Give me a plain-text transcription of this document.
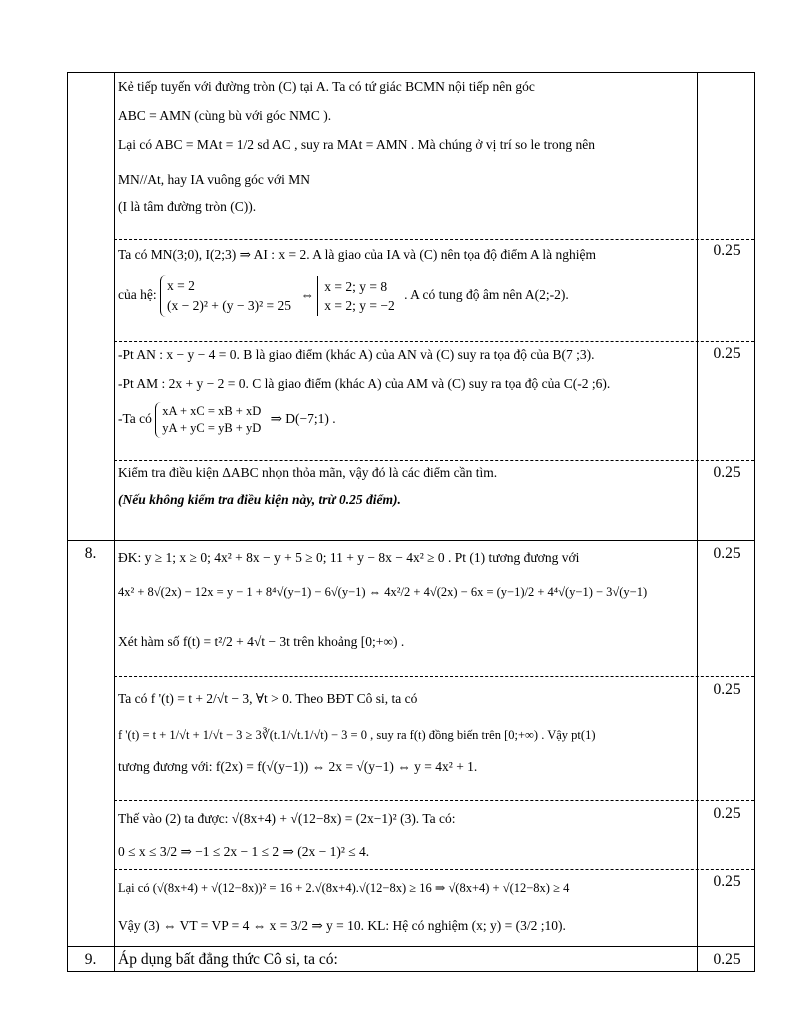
Kẻ tiếp tuyến với đường tròn (C) tại A. Ta có tứ giác BCMN nội tiếp nên góc

ABC = AMN (cùng bù với góc NMC ).

Lại có ABC = MAt = 1/2 sd AC , suy ra MAt = AMN . Mà chúng ở vị trí so le trong nên

MN//At, hay IA vuông góc với MN

(I là tâm đường tròn (C)).

0.25

Ta có MN(3;0), I(2;3) ⇒ AI : x = 2. A là giao của IA và (C) nên tọa độ điểm A là nghiệm

của hệ:
x = 2
(x − 2)² + (y − 3)² = 25
⇔
x = 2; y = 8
x = 2; y = −2
. A có tung độ âm nên A(2;-2).

0.25

-Pt AN : x − y − 4 = 0. B là giao điểm (khác A) của AN và (C) suy ra tọa độ của B(7 ;3).

-Pt AM : 2x + y − 2 = 0. C là giao điểm (khác A) của AM và (C) suy ra tọa độ của C(-2 ;6).

-Ta có
xA + xC = xB + xD
yA + yC = yB + yD
⇒ D(−7;1) .

0.25

Kiểm tra điều kiện ΔABC nhọn thỏa mãn, vậy đó là các điểm cần tìm.

(Nếu không kiểm tra điều kiện này, trừ 0.25 điểm).

8.	0.25

ĐK: y ≥ 1; x ≥ 0; 4x² + 8x − y + 5 ≥ 0; 11 + y − 8x − 4x² ≥ 0 . Pt (1) tương đương với

4x² + 8√(2x) − 12x = y − 1 + 8⁴√(y−1) − 6√(y−1) ⇔ 4x²/2 + 4√(2x) − 6x = (y−1)/2 + 4⁴√(y−1) − 3√(y−1)

Xét hàm số f(t) = t²/2 + 4√t − 3t trên khoảng [0;+∞) .

0.25

Ta có f '(t) = t + 2/√t − 3, ∀t > 0. Theo BĐT Cô si, ta có

f '(t) = t + 1/√t + 1/√t − 3 ≥ 3∛(t.1/√t.1/√t) − 3 = 0 , suy ra f(t) đồng biến trên [0;+∞) . Vậy pt(1)

tương đương với: f(2x) = f(√(y−1)) ⇔ 2x = √(y−1) ⇔ y = 4x² + 1.

0.25

Thế vào (2) ta được: √(8x+4) + √(12−8x) = (2x−1)² (3). Ta có:

0 ≤ x ≤ 3/2 ⇒ −1 ≤ 2x − 1 ≤ 2 ⇒ (2x − 1)² ≤ 4.

0.25

Lại có (√(8x+4) + √(12−8x))² = 16 + 2.√(8x+4).√(12−8x) ≥ 16 ⇒ √(8x+4) + √(12−8x) ≥ 4

Vậy (3) ⇔ VT = VP = 4 ⇔ x = 3/2 ⇒ y = 10. KL: Hệ có nghiệm (x; y) = (3/2 ;10).

9.	0.25

Áp dụng bất đẳng thức Cô si, ta có:
